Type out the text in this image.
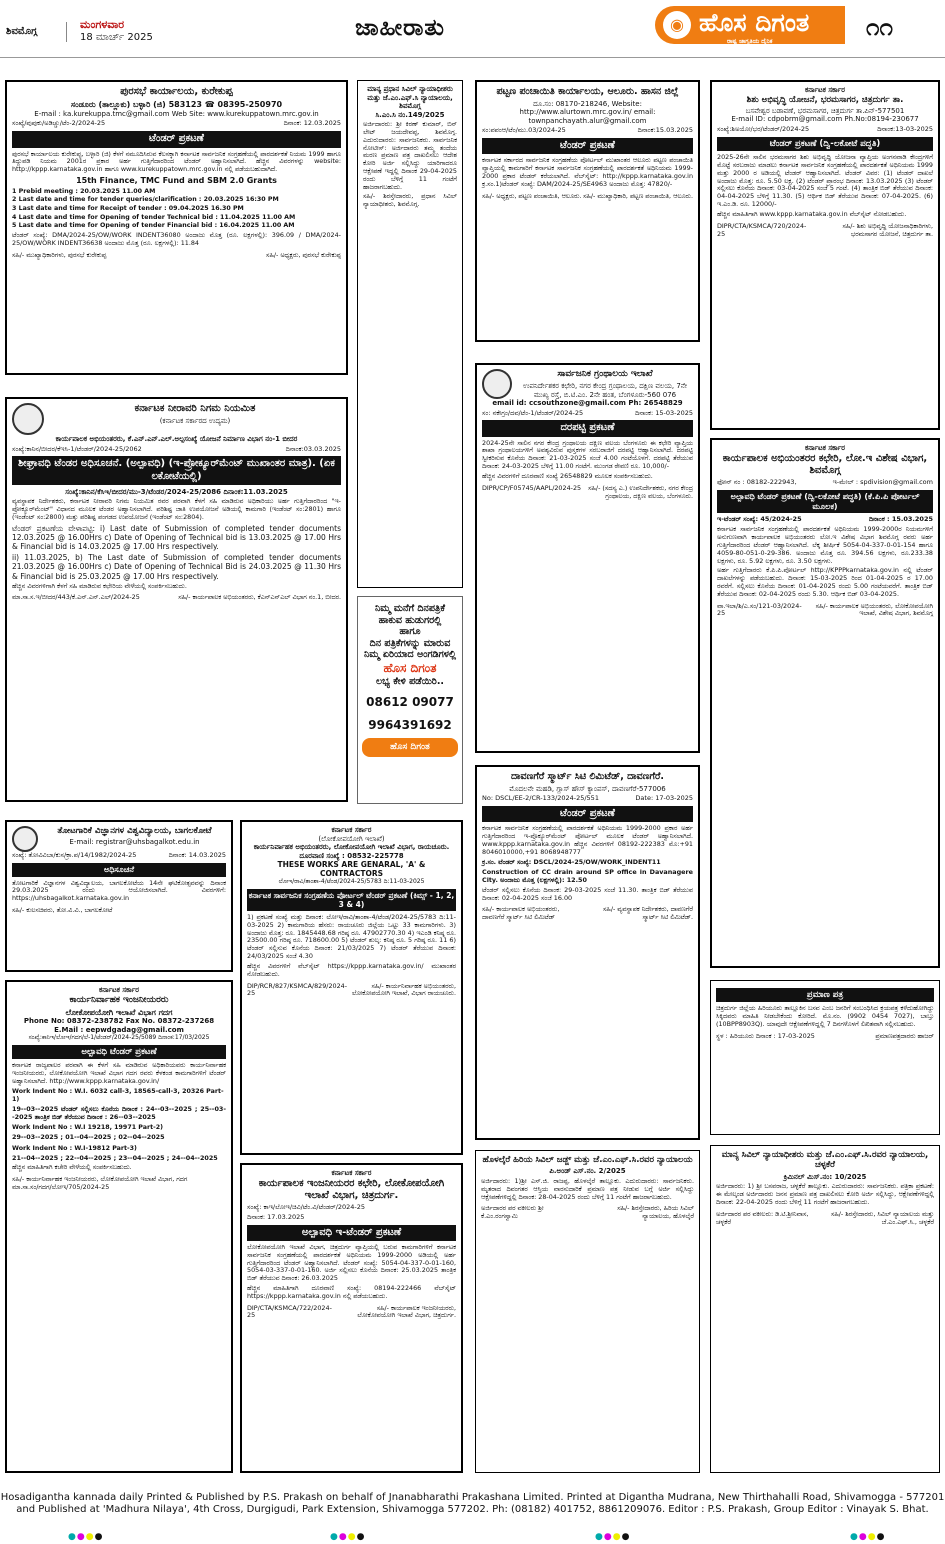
ಶಿವಮೊಗ್ಗ
ಮಂಗಳವಾರ
18 ಮಾರ್ಚ್ 2025	ಜಾಹೀರಾತು	◉ ಹೊಸ ದಿಗಂತ
ರಾಷ್ಟ್ರ ಜಾಗೃತಿಯ ದೈನಿಕ
೧೧
ಪುರಸಭೆ ಕಾರ್ಯಾಲಯ, ಕುರೇಕುಪ್ಪ
ಸಂಡೂರು (ತಾಲ್ಲೂಕು) ಬಳ್ಳಾರಿ (ಜಿ) 583123 ☎ 08395-250970
E-mail : ka.kurekuppa.tmc@gmail.com Web Site: www.kurekuppatown.mrc.gov.in
ಸಂಖ್ಯೆ/ಪುಪುಕು/ಅಡಿಚ್ಚು/ಟೆಂ-2/2024-25	ದಿನಾಂಕ: 12.03.2025
ಟೆಂಡರ್ ಪ್ರಕಟಣೆ
ಪುರಸಭೆ ಕಾರ್ಯಾಲಯ ಕುರೇಕುಪ್ಪ, ಬಳ್ಳಾರಿ (ಜಿ) ಕೆಳಗೆ ನಮೂದಿಸಿರುವ ಕೆಲಸಕ್ಕಾಗಿ ಕರ್ನಾಟಕ ಸಾರ್ವಜನಿಕ ಸಂಗ್ರಹಣೆಯಲ್ಲಿ ಪಾರದರ್ಶಕತೆ ನಿಯಮ 1999 ಹಾಗೂ ತಿದ್ದುಪಡಿ ನಿಯಮ 2001ರ ಪ್ರಕಾರ ಅರ್ಹ ಗುತ್ತಿಗೆದಾರರಿಂದ ಟೆಂಡರ್ ಅಹ್ವಾನಿಸಲಾಗಿದೆ. ಹೆಚ್ಚಿನ ವಿವರಗಳನ್ನು website: http://kppp.karnataka.gov.in ಹಾಗೂ www.kurekuppatown.mrc.gov.in ನಲ್ಲಿ ಪಡೆಯಬಹುದಾಗಿದೆ.
15th Finance, TMC Fund and SBM 2.0 Grants
1 Prebid meeting : 20.03.2025 11.00 AM
2 Last date and time for tender queries/clarification : 20.03.2025 16:30 PM
3 Last date and time for Receipt of tender : 09.04.2025 16.30 PM
4 Last date and time for Opening of tender Technical bid : 11.04.2025 11.00 AM
5 Last date and time for Opening of tender Financial bid : 16.04.2025 11.00 AM
ಟೆಂಡರ್ ಸಂಖ್ಯೆ: DMA/2024-25/OW/WORK INDENT36080 ಅಂದಾಜು ಮೊತ್ತ (ರೂ. ಲಕ್ಷಗಳಲ್ಲಿ): 396.09 / DMA/2024-25/OW/WORK INDENT36638 ಅಂದಾಜು ಮೊತ್ತ (ರೂ. ಲಕ್ಷಗಳಲ್ಲಿ): 11.84
ಸಹಿ/- ಮುಖ್ಯಾಧಿಕಾರಿಗಳು, ಪುರಸಭೆ ಕುರೇಕುಪ್ಪ	ಸಹಿ/- ಅಧ್ಯಕ್ಷರು, ಪುರಸಭೆ ಕುರೇಕುಪ್ಪ
ಕರ್ನಾಟಕ ನೀರಾವರಿ ನಿಗಮ ನಿಯಮಿತ
(ಕರ್ನಾಟಕ ಸರ್ಕಾರದ ಉದ್ಯಮ)
ಕಾರ್ಯಪಾಲಕ ಅಭಿಯಂತರರು, ಕೆ.ಎನ್.ಎನ್.ಎಲ್.ಅಲ್ಪಸಂಖ್ಯೆ ಯೋಜನೆ ನಿರ್ಮಾಣ ವಿಭಾಗ ನಂ-1 ಬೀದರ
ಸಂಖ್ಯೆ:ಕಾನಿನ/ಬೀದರ/ಕೆಇಸಿ-1/ಟೆಂಡರ್/2024-25/2062	ದಿನಾಂಕ:03.03.2025
ಶೀಘ್ರಾವಧಿ ಟೆಂಡರ ಅಧಿಸೂಚನೆ. (ಅಲ್ಪಾವಧಿ) (ಇ-ಪ್ರೋಕ್ಯೂರ್‌ಮೆಂಟ್ ಮುಖಾಂತರ ಮಾತ್ರ). (ಏಕ ಲಕೋಟೆಯಲ್ಲಿ)
ಸಂಖ್ಯೆ:ಕಾನಿನ/ಕೆಸಿಇ/ಬೀದರ/ಮು-3/ಟೆಂಡರ/2024-25/2086 ದಿನಾಂಕ:11.03.2025
ವ್ಯವಸ್ಥಾಪಕ ನಿರ್ದೇಶಕರು, ಕರ್ನಾಟಕ ನೀರಾವರಿ ನಿಗಮ ನಿಯಮಿತ ರವರ ಪರವಾಗಿ ಕೆಳಗೆ ಸಹಿ ಮಾಡಿರುವ ಅಧಿಕಾರಿಯು ಅರ್ಹ ಗುತ್ತಿಗೆದಾರರಿಂದ "ಇ-ಪ್ರೋಕ್ಯೂರ್‌ಮೆಂಟ್" ವಿಧಾನದ ಮೂಲಕ ಟೆಂಡರ ಅಹ್ವಾನಿಸಲಾಗಿದೆ. ಪರಿಶಿಷ್ಟ ಜಾತಿ ಉಪಯೋಜನೆ ಅಡಿಯಲ್ಲಿ ಕಾಮಗಾರಿ (ಇಂಡೆಂಟ್ ಸಂ:2801) ಹಾಗೂ (ಇಂಡೆಂಟ್ ಸಂ:2800) ಮತ್ತು ಪರಿಶಿಷ್ಟ ಪಂಗಡದ ಉಪಯೋಜನೆ (ಇಂಡೆಂಟ್ ಸಂ:2804).
ಟೆಂಡರ್ ಪ್ರಕಟಣೆಯ ವೇಳಾಪಟ್ಟಿ: i) Last date of Submission of completed tender documents 12.03.2025 @ 16.00Hrs c) Date of Opening of Technical bid is 13.03.2025 @ 17.00 Hrs & Financial bid is 14.03.2025 @ 17.00 Hrs respectively.
ii) 11.03.2025, b) The Last date of Submission of completed tender documents 21.03.2025 @ 16.00Hrs c) Date of Opening of Technical Bid is 24.03.2025 @ 11.30 Hrs & Financial bid is 25.03.2025 @ 17.00 Hrs respectively.
ಹೆಚ್ಚಿನ ವಿವರಗಳಿಗಾಗಿ ಕೆಳಗೆ ಸಹಿ ಮಾಡಿರುವ ಕಛೇರಿಯ ವೇಳೆಯಲ್ಲಿ ಸಂಪರ್ಕಿಸಬಹುದು.
ಮಾ.ಸಾ.ಸ.ಇ/ಬೀದರ/443/ಕೆ.ಎನ್.ಎನ್.ಎಲ್/2024-25	ಸಹಿ/- ಕಾರ್ಯಪಾಲಕ ಅಭಿಯಂತರರು, ಕೆಎನ್‌ಎನ್‌ಎಲ್‌ ವಿಭಾಗ ನಂ.1, ಬೀದರ.
ತೋಟಗಾರಿಕೆ ವಿಜ್ಞಾನಗಳ ವಿಶ್ವವಿದ್ಯಾಲಯ, ಬಾಗಲಕೋಟೆ
E-mail: registrar@uhsbagalkot.edu.in
ಸಂಖ್ಯೆ: ತೋವಿವಿಬಾ/ಕುಸ/ಕ್ರಾ.ಪ/14/1982/2024-25	ದಿನಾಂಕ: 14.03.2025
ಅಧಿಸೂಚನೆ
ತೋಟಗಾರಿಕೆ ವಿಜ್ಞಾನಗಳ ವಿಶ್ವವಿದ್ಯಾಲಯ, ಬಾಗಲಕೋಟೆಯ 14ನೇ ಘಟಿಕೋತ್ಸವವನ್ನು ದಿನಾಂಕ 29.03.2025 ರಂದು ಆಯೋಜಿಸಲಾಗಿದೆ. ವಿವರಗಳಿಗೆ: https://uhsbagalkot.karnataka.gov.in
ಸಹಿ/- ಕುಲಸಚಿವರು, ತೋ.ವಿ.ವಿ., ಬಾಗಲಕೋಟೆ
ಕರ್ನಾಟಕ ಸರ್ಕಾರ
ಕಾರ್ಯನಿರ್ವಾಹಕ ಇಂಜನೀಯರರು
ಲೋಕೋಪಯೋಗಿ ಇಲಾಖೆ ವಿಭಾಗ ಗದಗ
Phone No: 08372-238782 Fax No. 08372-237268
E.Mail : eepwdgadag@gmail.com
ಸಂಖ್ಯೆ:ಕಾನಿಇ/ಲೋಇ/ಗದಗ/ಲೆ-1/ಟೆಂಡರ್/2024-25/5089 ದಿನಾಂಕ:17/03/2025
ಅಲ್ಪಾವಧಿ ಟೆಂಡರ್ ಪ್ರಕಟಣೆ
ಕರ್ನಾಟಕ ರಾಜ್ಯಪಾಲರ ಪರವಾಗಿ ಈ ಕೆಳಗೆ ಸಹಿ ಮಾಡಿರುವ ಅಧಿಕಾರಿಯವರು ಕಾರ್ಯನಿರ್ವಾಹಕ ಇಂಜನೀಯರರು, ಲೋಕೋಪಯೋಗಿ ಇಲಾಖೆ ವಿಭಾಗ ಗದಗ ರವರು ಕೆಳಕಂಡ ಕಾಮಗಾರಿಗಳಿಗೆ ಟೆಂಡರ್ ಅಹ್ವಾನಿಸಲಾಗಿದೆ. http://www.kppp.karnataka.gov.in/
Work Indent No : W.I. 6032 call-3, 18565-call-3, 20326 Part-1)
19--03--2025 ಟೆಂಡರ್ ಸಲ್ಲಿಸಲು ಕೊನೆಯ ದಿನಾಂಕ : 24--03--2025 ; 25--03--2025 ತಾಂತ್ರಿಕ ಬಿಡ್ ತೆರೆಯುವ ದಿನಾಂಕ : 26--03--2025
Work Indent No : W.I 19218, 19971 Part-2)
29--03--2025 ; 01--04--2025 ; 02--04--2025
Work Indent No : W.I-19812 Part-3)
21--04--2025 ; 22--04--2025 ; 23--04--2025 ; 24--04--2025
ಹೆಚ್ಚಿನ ಮಾಹಿತಿಗಾಗಿ ಕಚೇರಿ ವೇಳೆಯಲ್ಲಿ ಸಂಪರ್ಕಿಸಬಹುದು.
ಸಹಿ/- ಕಾರ್ಯನಿರ್ವಾಹಕ ಇಂಜನೀಯರರು, ಲೋಕೋಪಯೋಗಿ ಇಲಾಖೆ ವಿಭಾಗ, ಗದಗ
ಮಾ.ಸಾ.ಸಂ/ಗದಗ/ಲೋಇ/705/2024-25
ಕರ್ನಾಟಕ ಸರ್ಕಾರ
(ಲೋಕೋಪಯೋಗಿ ಇಲಾಖೆ)
ಕಾರ್ಯನಿರ್ವಾಹಕ ಅಭಿಯಂತರರು, ಲೋಕೋಪಯೋಗಿ ಇಲಾಖೆ ವಿಭಾಗ, ರಾಯಚೂರು.
ದೂರವಾಣಿ ಸಂಖ್ಯೆ : 08532-225778
THESE WORKS ARE GENARAL, 'A' & CONTRACTORS
ಲೋಇ/ರಾವಿ/ತಾಂಶಾ-4/ಟೆಂಡ/2024-25/5783 ದಿ:11-03-2025
ಕರ್ನಾಟಕ ಸಾರ್ವಜನಿಕ ಸಂಗ್ರಹಣೆಯ ಪೋರ್ಟಲ್ ಟೆಂಡರ್ ಪ್ರಕಟಣೆ (ಕಿಮ್ಸ್ - 1, 2, 3 & 4)
1) ಪ್ರಕಟಣೆ ಸಂಖ್ಯೆ ಮತ್ತು ದಿನಾಂಕ: ಲೋಇ/ರಾವಿ/ತಾಂಶಾ-4/ಟೆಂಡ/2024-25/5783 ದಿ:11-03-2025 2) ಕಾಮಗಾರಿಯ ಹೆಸರು: ರಾಯಚೂರು ಜಿಲ್ಲೆಯ ಒಟ್ಟು 33 ಕಾಮಗಾರಿಗಳು. 3) ಅಂದಾಜು ಮೊತ್ತ: ರೂ. 1845448.68 ಗರಿಷ್ಠ ರೂ. 47902770.30 4) ಇಎಂಡಿ ಕನಿಷ್ಠ ರೂ. 23500.00 ಗರಿಷ್ಠ ರೂ. 718600.00 5) ಟೆಂಡರ್ ಶುಲ್ಕ: ಕನಿಷ್ಠ ರೂ. 5 ಗರಿಷ್ಠ ರೂ. 11 6) ಟೆಂಡರ್ ಸಲ್ಲಿಸುವ ಕೊನೆಯ ದಿನಾಂಕ: 21/03/2025 7) ಟೆಂಡರ್ ತೆರೆಯುವ ದಿನಾಂಕ: 24/03/2025 ಸಂಜೆ 4.30
ಹೆಚ್ಚಿನ ವಿವರಗಳಿಗೆ ವೆಬ್‌ಸೈಟ್ https://kppp.karnataka.gov.in/ ಮುಖಾಂತರ ನೋಡಬಹುದು.
DIP/RCR/827/KSMCA/829/2024-25
ಸಹಿ/- ಕಾರ್ಯನಿರ್ವಾಹಕ ಅಭಿಯಂತರರು, ಲೋಕೋಪಯೋಗಿ ಇಲಾಖೆ, ವಿಭಾಗ ರಾಯಚೂರು.
ಕರ್ನಾಟಕ ಸರ್ಕಾರ
ಕಾರ್ಯಪಾಲಕ ಇಂಜನೀಯರರ ಕಛೇರಿ, ಲೋಕೋಪಯೋಗಿ ಇಲಾಖೆ ವಿಭಾಗ, ಚಿತ್ರದುರ್ಗ.
ಸಂಖ್ಯೆ: ಕಾಇ/ಲೋಇ/ಚಿವಿ/ಟೆಂ.ವಿ/ಟೆಂಡರ್/2024-25
ದಿನಾಂಕ: 17.03.2025
ಅಲ್ಪಾವಧಿ ಇ-ಟೆಂಡರ್ ಪ್ರಕಟಣೆ
ಲೋಕೋಪಯೋಗಿ ಇಲಾಖೆ ವಿಭಾಗ, ಚಿತ್ರದುರ್ಗ ವ್ಯಾಪ್ತಿಯಲ್ಲಿ ಬರುವ ಕಾಮಗಾರಿಗಳಿಗೆ ಕರ್ನಾಟಕ ಸಾರ್ವಜನಿಕ ಸಂಗ್ರಹಣೆಯಲ್ಲಿ ಪಾರದರ್ಶಕತೆ ಅಧಿನಿಯಮ 1999-2000 ಅಡಿಯಲ್ಲಿ ಅರ್ಹ ಗುತ್ತಿಗೆದಾರರಿಂದ ಟೆಂಡರ್ ಅಹ್ವಾನಿಸಲಾಗಿದೆ. ಟೆಂಡರ್ ಸಂಖ್ಯೆ: 5054-04-337-0-01-160, 5054-03-337-0-01-160. ಅರ್ಜಿ ಸಲ್ಲಿಸಲು ಕೊನೆಯ ದಿನಾಂಕ: 25.03.2025 ತಾಂತ್ರಿಕ ಬಿಡ್ ತೆರೆಯುವ ದಿನಾಂಕ: 26.03.2025
ಹೆಚ್ಚಿನ ಮಾಹಿತಿಗಾಗಿ ದೂರವಾಣಿ ಸಂಖ್ಯೆ: 08194-222466 ವೆಬ್‌ಸೈಟ್ https://kppp.karnataka.gov.in ನಲ್ಲಿ ಪಡೆಯಬಹುದು.
DIP/CTA/KSMCA/722/2024-25
ಸಹಿ/- ಕಾರ್ಯಪಾಲಕ ಇಂಜನೀಯರರು, ಲೋಕೋಪಯೋಗಿ ಇಲಾಖೆ ವಿಭಾಗ, ಚಿತ್ರದುರ್ಗ.
ಮಾನ್ಯ ಪ್ರಧಾನ ಸಿವಿಲ್ ನ್ಯಾಯಾಧೀಶರು ಮತ್ತು ಜೆ.ಎಂ.ಎಫ್.ಸಿ ನ್ಯಾಯಾಲಯ, ಶಿವಮೊಗ್ಗ
ಸಿ.ಎಂ.ಸಿ ನಂ.149/2025
ಅರ್ಜಿದಾರರು: ಶ್ರೀ ಕಿರಣ್ ಕುಮಾರ್, ಬಿನ್ ಲೇಟ್ ಜಯದೇವಪ್ಪ, ಶಿವಮೊಗ್ಗ. ಎದುರುದಾರರು: ಸಾರ್ವಜನಿಕರು. ಸಾರ್ವಜನಿಕ ನೋಟೀಸ್: ಅರ್ಜಿದಾರರು ತಮ್ಮ ತಂದೆಯ ಮರಣ ಪ್ರಮಾಣ ಪತ್ರ ದಾಖಲಿಸಲು ಆದೇಶ ಕೋರಿ ಅರ್ಜಿ ಸಲ್ಲಿಸಿದ್ದು ಯಾರಿಗಾದರೂ ಆಕ್ಷೇಪಣೆ ಇದ್ದಲ್ಲಿ ದಿನಾಂಕ 29-04-2025 ರಂದು ಬೆಳಿಗ್ಗೆ 11 ಗಂಟೆಗೆ ಹಾಜರಾಗಬಹುದು.
ಸಹಿ/- ಶಿರಸ್ತೇದಾರರು, ಪ್ರಧಾನ ಸಿವಿಲ್ ನ್ಯಾಯಾಧೀಶರು, ಶಿವಮೊಗ್ಗ.
ನಿಮ್ಮ ಮನೆಗೆ ದಿನಪತ್ರಿಕೆ ಹಾಕುವ ಹುಡುಗರಲ್ಲಿ
ಹಾಗೂ
ದಿನ ಪತ್ರಿಕೆಗಳನ್ನು ಮಾರುವ ನಿಮ್ಮ ಏರಿಯಾದ ಅಂಗಡಿಗಳಲ್ಲಿ
ಹೊಸ ದಿಗಂತ
ಲಭ್ಯ ಕೇಳಿ ಪಡೆಯಿರಿ..
08612 09077
9964391692
ಹೊಸ ದಿಗಂತ
ಪಟ್ಟಣ ಪಂಚಾಯಿತಿ ಕಾರ್ಯಾಲಯ, ಆಲೂರು. ಹಾಸನ ಜಿಲ್ಲೆ
ದೂ.ಸಂ: 08170-218246, Website: http://www.alurtown.mrc.gov.in/ email: townpanchayath.alur@gmail.com
ಸಂ:ಪಪಂಆ/ಟೆಂ/ಮು.03/2024-25	ದಿನಾಂಕ:15.03.2025
ಟೆಂಡರ್ ಪ್ರಕಟಣೆ
ಕರ್ನಾಟಕ ಸರ್ಕಾರದ ಸಾರ್ವಜನಿಕ ಸಂಗ್ರಹಣೆಯ ಪೋರ್ಟಲ್ ಮುಖಾಂತರ ಆಲೂರು ಪಟ್ಟಣ ಪಂಚಾಯಿತಿ ವ್ಯಾಪ್ತಿಯಲ್ಲಿ ಕಾಮಗಾರಿಗೆ ಕರ್ನಾಟಕ ಸಾರ್ವಜನಿಕ ಸಂಗ್ರಹಣೆಯಲ್ಲಿ ಪಾರದರ್ಶಕತೆ ಅಧಿನಿಯಮ 1999-2000 ಪ್ರಕಾರ ಟೆಂಡರ್ ಕರೆಯಲಾಗಿದೆ. ವೆಬ್‌ಸೈಟ್: http://kppp.karnataka.gov.in ಕ್ರ.ಸಂ.1)ಟೆಂಡರ್ ಸಂಖ್ಯೆ: DAM/2024-25/SE4963 ಅಂದಾಜು ಮೊತ್ತ: 47820/-
ಸಹಿ/- ಅಧ್ಯಕ್ಷರು, ಪಟ್ಟಣ ಪಂಚಾಯಿತಿ, ಆಲೂರು. ಸಹಿ/- ಮುಖ್ಯಾಧಿಕಾರಿ, ಪಟ್ಟಣ ಪಂಚಾಯಿತಿ, ಆಲೂರು.
ಸಾರ್ವಜನಿಕ ಗ್ರಂಥಾಲಯ ಇಲಾಖೆ
ಉಪನಿರ್ದೇಶಕರ ಕಛೇರಿ, ನಗರ ಕೇಂದ್ರ ಗ್ರಂಥಾಲಯ, ದಕ್ಷಿಣ ವಲಯ, 7ನೇ ಮುಖ್ಯ ರಸ್ತೆ, ಬಿ.ಟಿ.ಎಂ. 2ನೇ ಹಂತ, ಬೆಂಗಳೂರು-560 076
email id: ccsouthzone@gmail.com Ph: 26548829
ಸಂ: ನಕೇಗ್ರಂ/ದವ/ಟೆಂ-1/ಟೆಂಡರ್/2024-25	ದಿನಾಂಕ: 15-03-2025
ದರಪಟ್ಟಿ ಪ್ರಕಟಣೆ
2024-25ನೇ ಸಾಲಿನ ನಗರ ಕೇಂದ್ರ ಗ್ರಂಥಾಲಯ ದಕ್ಷಿಣ ವಲಯ ಬೆಂಗಳೂರು ಈ ಕಛೇರಿ ವ್ಯಾಪ್ತಿಯ ಶಾಖಾ ಗ್ರಂಥಾಲಯಗಳಿಗೆ ಅವಶ್ಯವಿರುವ ಪುಸ್ತಕಗಳ ಸರಬರಾಜಿಗೆ ದರಪಟ್ಟಿ ಆಹ್ವಾನಿಸಲಾಗಿದೆ. ದರಪಟ್ಟಿ ಸ್ವೀಕರಿಸುವ ಕೊನೆಯ ದಿನಾಂಕ: 21-03-2025 ಸಂಜೆ 4.00 ಗಂಟೆಯೊಳಗೆ. ದರಪಟ್ಟಿ ತೆರೆಯುವ ದಿನಾಂಕ: 24-03-2025 ಬೆಳಿಗ್ಗೆ 11.00 ಗಂಟೆಗೆ. ಮುಂಗಡ ಠೇವಣಿ ರೂ. 10,000/-
ಹೆಚ್ಚಿನ ವಿವರಗಳಿಗೆ ದೂರವಾಣಿ ಸಂಖ್ಯೆ 26548829 ಮೂಲಕ ಸಂಪರ್ಕಿಸಬಹುದು.
DIPR/CP/F05745/AAPL/2024-25 ಸಹಿ/- (ಸದಸ್ಯ ಎ.) ಉಪನಿರ್ದೇಶಕರು, ನಗರ ಕೇಂದ್ರ ಗ್ರಂಥಾಲಯ, ದಕ್ಷಿಣ ವಲಯ, ಬೆಂಗಳೂರು.
ದಾವಣಗೆರೆ ಸ್ಮಾರ್ಟ್ ಸಿಟಿ ಲಿಮಿಟೆಡ್, ದಾವಣಗೆರೆ.
ಮೊದಲನೇ ಮಹಡಿ, ಗ್ಲಾಸ್ ಹೌಸ್ ಕ್ಯಾಂಪಸ್, ದಾವಣಗೆರೆ-577006
No: DSCL/EE-2/CR-133/2024-25/551	Date: 17-03-2025
ಟೆಂಡರ್ ಪ್ರಕಟಣೆ
ಕರ್ನಾಟಕ ಸಾರ್ವಜನಿಕ ಸಂಗ್ರಹಣೆಯಲ್ಲಿ ಪಾರದರ್ಶಕತೆ ಅಧಿನಿಯಮ 1999-2000 ಪ್ರಕಾರ ಅರ್ಹ ಗುತ್ತಿಗೆದಾರರಿಂದ ಇ-ಪ್ರೊಕ್ಯೂರ್‌ಮೆಂಟ್ ಪೋರ್ಟಲ್ ಮೂಲಕ ಟೆಂಡರ್ ಅಹ್ವಾನಿಸಲಾಗಿದೆ. www.kppp.karnataka.gov.in ಹೆಚ್ಚಿನ ವಿವರಗಳಿಗೆ 08192-222383 ಮೊ:+91 8046010000,+91 8068948777
ಕ್ರ.ಸಂ. ಟೆಂಡರ್ ಸಂಖ್ಯೆ: DSCL/2024-25/OW/WORK_INDENT11
Construction of CC drain around SP office in Davanagere City. ಅಂದಾಜು ಮೊತ್ತ (ಲಕ್ಷಗಳಲ್ಲಿ): 12.50
ಟೆಂಡರ್ ಸಲ್ಲಿಸಲು ಕೊನೆಯ ದಿನಾಂಕ: 29-03-2025 ಸಂಜೆ 11.30. ತಾಂತ್ರಿಕ ಬಿಡ್ ತೆರೆಯುವ ದಿನಾಂಕ: 02-04-2025 ಸಂಜೆ 16.00
ಸಹಿ/- ಕಾರ್ಯಪಾಲಕ ಅಭಿಯಂತರರು, ದಾವಣಗೆರೆ ಸ್ಮಾರ್ಟ್ ಸಿಟಿ ಲಿಮಿಟೆಡ್
ಸಹಿ/- ವ್ಯವಸ್ಥಾಪಕ ನಿರ್ದೇಶಕರು, ದಾವಣಗೆರೆ ಸ್ಮಾರ್ಟ್ ಸಿಟಿ ಲಿಮಿಟೆಡ್.
ಹೊಳಲ್ಕೆರೆ ಹಿರಿಯ ಸಿವಿಲ್ ಜಡ್ಜ್ ಮತ್ತು ಜೆ.ಎಂ.ಎಫ್.ಸಿ.ರವರ ನ್ಯಾಯಾಲಯ
ಪಿ.ಅಂಡ್ ಎಸ್.ನಂ. 2/2025
ಅರ್ಜಿದಾರರು: 1)ಶ್ರೀ ಎಸ್.ಜಿ. ರಾಜಪ್ಪ, ಹೊಳಲ್ಕೆರೆ ತಾಲ್ಲೂಕು. ಎದುರುದಾರರು: ಸಾರ್ವಜನಿಕರು. ಮೃತರಾದ ದಿವಂಗತರ ಆಸ್ತಿಯ ವಾರಸುದಾರಿಕೆ ಪ್ರಮಾಣ ಪತ್ರ ನೀಡುವ ಬಗ್ಗೆ ಅರ್ಜಿ ಸಲ್ಲಿಸಿದ್ದು ಆಕ್ಷೇಪಣೆಗಳಿದ್ದಲ್ಲಿ ದಿನಾಂಕ: 28-04-2025 ರಂದು ಬೆಳಿಗ್ಗೆ 11 ಗಂಟೆಗೆ ಹಾಜರಾಗಬಹುದು.
ಅರ್ಜಿದಾರರ ಪರ ವಕೀಲರು ಶ್ರೀ ಕೆ.ಎಂ.ರಂಗಸ್ವಾಮಿ
ಸಹಿ/- ಶಿರಸ್ತೇದಾರರು, ಹಿರಿಯ ಸಿವಿಲ್ ನ್ಯಾಯಾಲಯ, ಹೊಳಲ್ಕೆರೆ
ಕರ್ನಾಟಕ ಸರ್ಕಾರ
ಶಿಶು ಅಭಿವೃದ್ಧಿ ಯೋಜನೆ, ಭರಮಸಾಗರ, ಚಿತ್ರದುರ್ಗ ತಾ.
ಬಸವೇಶ್ವರ ಬಡಾವಣೆ, ಭರಮಸಾಗರ, ಚಿತ್ರದುರ್ಗ ತಾ.ಪಿನ್-577501
E-mail ID: cdpobrm@gmail.com Ph.No:08194-230677
ಸಂಖ್ಯೆ:ಶಿಅಯೋ/ಭರ/ಟೆಂಡರ್/2024-25	ದಿನಾಂಕ:13-03-2025
ಟೆಂಡರ್ ಪ್ರಕಟಣೆ (ದ್ವಿ-ಲಕೋಟೆ ಪದ್ಧತಿ)
2025-26ನೇ ಸಾಲಿನ ಭರಮಸಾಗರ ಶಿಶು ಅಭಿವೃದ್ಧಿ ಯೋಜನಾ ವ್ಯಾಪ್ತಿಯ ಅಂಗನವಾಡಿ ಕೇಂದ್ರಗಳಿಗೆ ಮೊಟ್ಟೆ ಸರಬರಾಜು ಮಾಡಲು ಕರ್ನಾಟಕ ಸಾರ್ವಜನಿಕ ಸಂಗ್ರಹಣೆಯಲ್ಲಿ ಪಾರದರ್ಶಕತೆ ಅಧಿನಿಯಮ 1999 ಮತ್ತು 2000 ರ ಅಡಿಯಲ್ಲಿ ಟೆಂಡರ್ ಆಹ್ವಾನಿಸಲಾಗಿದೆ. ಟೆಂಡರ್ ವಿವರ: (1) ಟೆಂಡರ್ ದಾಖಲೆ ಅಂದಾಜು ಮೊತ್ತ: ರೂ. 5.50 ಲಕ್ಷ. (2) ಟೆಂಡರ್ ಪ್ರಾರಂಭ ದಿನಾಂಕ: 13.03.2025 (3) ಟೆಂಡರ್ ಸಲ್ಲಿಸಲು ಕೊನೆಯ ದಿನಾಂಕ: 03-04-2025 ಸಂಜೆ 5 ಗಂಟೆ. (4) ತಾಂತ್ರಿಕ ಬಿಡ್ ತೆರೆಯುವ ದಿನಾಂಕ: 04-04-2025 ಬೆಳಿಗ್ಗೆ 11.30. (5) ಆರ್ಥಿಕ ಬಿಡ್ ತೆರೆಯುವ ದಿನಾಂಕ: 07-04-2025. (6) ಇ.ಎಂ.ಡಿ. ರೂ. 12000/-
ಹೆಚ್ಚಿನ ಮಾಹಿತಿಗಾಗಿ www.kppp.karnataka.gov.in ವೆಬ್‌ಸೈಟ್ ನೋಡಬಹುದು.
DIPR/CTA/KSMCA/720/2024-25
ಸಹಿ/- ಶಿಶು ಅಭಿವೃದ್ಧಿ ಯೋಜನಾಧಿಕಾರಿಗಳು, ಭರಮಸಾಗರ ಯೋಜನೆ, ಚಿತ್ರದುರ್ಗ ತಾ.
ಕರ್ನಾಟಕ ಸರ್ಕಾರ
ಕಾರ್ಯಪಾಲಕ ಅಭಿಯಂತರರ ಕಛೇರಿ, ಲೋ.ಇ ವಿಶೇಷ ವಿಭಾಗ, ಶಿವಮೊಗ್ಗ
ಫೋನ್ ನಂ : 08182-222943,	ಇ-ಮೇಲ್ : spdivision@gmail.com
ಅಲ್ಪಾವಧಿ ಟೆಂಡರ್ ಪ್ರಕಟಣೆ (ದ್ವಿ-ಲಕೋಟೆ ಪದ್ಧತಿ) (ಕೆ.ಪಿ.ಪಿ ಪೋರ್ಟಲ್ ಮೂಲಕ)
ಇ-ಟೆಂಡರ್ ಸಂಖ್ಯೆ: 45/2024-25	ದಿನಾಂಕ : 15.03.2025
ಕರ್ನಾಟಕ ಸಾರ್ವಜನಿಕ ಸಂಗ್ರಹಣೆಯಲ್ಲಿ ಪಾರದರ್ಶಕತೆ ಅಧಿನಿಯಮ 1999-2000ರ ನಿಯಮಗಳಿಗೆ ಅನುಗುಣವಾಗಿ ಕಾರ್ಯಪಾಲಕ ಅಭಿಯಂತರರು ಲೋ.ಇ ವಿಶೇಷ ವಿಭಾಗ ಶಿವಮೊಗ್ಗ ರವರು ಅರ್ಹ ಗುತ್ತಿಗೆದಾರರಿಂದ ಟೆಂಡರ್ ಆಹ್ವಾನಿಸಲಾಗಿದೆ. ಲೆಕ್ಕ ಶೀರ್ಷಿಕೆ 5054-04-337-0-01-154 ಹಾಗೂ 4059-80-051-0-29-386. ಅಂದಾಜು ಮೊತ್ತ ರೂ. 394.56 ಲಕ್ಷಗಳು, ರೂ.233.38 ಲಕ್ಷಗಳು, ರೂ. 5.92 ಲಕ್ಷಗಳು, ರೂ. 3.50 ಲಕ್ಷಗಳು.
ಅರ್ಹ ಗುತ್ತಿಗೆದಾರರು ಕೆ.ಪಿ.ಪಿ.ಪೋರ್ಟಲ್ http://KPPPkarnataka.gov.in ನಲ್ಲಿ ಟೆಂಡರ್ ದಾಖಲೆಗಳನ್ನು ಪಡೆಯಬಹುದು. ದಿನಾಂಕ: 15-03-2025 ರಿಂದ 01-04-2025 ರ 17.00 ರವರೆಗೆ. ಸಲ್ಲಿಸಲು ಕೊನೆಯ ದಿನಾಂಕ: 01-04-2025 ರಂದು 5.00 ಗಂಟೆಯವರೆಗೆ. ತಾಂತ್ರಿಕ ಬಿಡ್ ತೆರೆಯುವ ದಿನಾಂಕ: 02-04-2025 ರಂದು 5.30. ಆರ್ಥಿಕ ಬಿಡ್ 03-04-2025.
ವಾ.ಇಲಾ/ಶಿ/ಎ.ಸಂ/121-03/2024-25
ಸಹಿ/- ಕಾರ್ಯಪಾಲಕ ಅಭಿಯಂತರರು, ಲೋಕೋಪಯೋಗಿ ಇಲಾಖೆ, ವಿಶೇಷ ವಿಭಾಗ, ಶಿವಮೊಗ್ಗ
ಪ್ರಮಾಣ ಪತ್ರ
ಚಿತ್ರದುರ್ಗ ಜಿಲ್ಲೆಯ ಹಿರಿಯೂರು ತಾಲ್ಲೂಕಿನ ಬಸವ ಎಂಬ ಜನರಿಗೆ ಸಂಬಂಧಿಸಿದ ಕ್ರಯಪತ್ರ ಕಳೆದುಹೋಗಿದ್ದು ಸಿಕ್ಕಿದವರು ಮಾಹಿತಿ ನೀಡಬೇಕೆಂದು ಕೋರಿದೆ. ಮೊ.ನಂ. (9902 0454 7027), ಬಾಬ್ತು (10BPP8903Q). ಯಾವುದೇ ಆಕ್ಷೇಪಣೆಗಳಿದ್ದಲ್ಲಿ 7 ದಿನಗಳೊಳಗೆ ಲಿಖಿತವಾಗಿ ಸಲ್ಲಿಸಬಹುದು.
ಸ್ಥಳ : ಹಿರಿಯೂರು ದಿನಾಂಕ : 17-03-2025	ಪ್ರಮಾಣಪತ್ರದಾರರು ಹಾಜರ್
ಮಾನ್ಯ ಸಿವಿಲ್ ನ್ಯಾಯಾಧೀಶರು ಮತ್ತು ಜೆ.ಎಂ.ಎಫ್.ಸಿ.ರವರ ನ್ಯಾಯಾಲಯ, ಚಳ್ಳಕೆರೆ
ಕ್ರಿಮಿನಲ್ ಮಿಸ್.ನಂ: 10/2025
ಅರ್ಜಿದಾರರು: 1) ಶ್ರೀ ಬಸವರಾಜ, ಚಳ್ಳಕೆರೆ ತಾಲ್ಲೂಕು. ಎದುರುದಾರರು: ಸಾರ್ವಜನಿಕರು. ಪತ್ರಿಕಾ ಪ್ರಕಟಣೆ: ಈ ಮೇಲ್ಕಂಡ ಅರ್ಜಿದಾರರು ಜನನ ಪ್ರಮಾಣ ಪತ್ರ ದಾಖಲಿಸಲು ಕೋರಿ ಅರ್ಜಿ ಸಲ್ಲಿಸಿದ್ದು, ಆಕ್ಷೇಪಣೆಗಳಿದ್ದಲ್ಲಿ ದಿನಾಂಕ: 22-04-2025 ರಂದು ಬೆಳಿಗ್ಗೆ 11 ಗಂಟೆಗೆ ಹಾಜರಾಗಬಹುದು.
ಅರ್ಜಿದಾರರ ಪರ ವಕೀಲರು: ಡಿ.ಟಿ.ಶ್ರೀನಿವಾಸ, ಚಳ್ಳಕೆರೆ
ಸಹಿ/- ಶಿರಸ್ತೇದಾರರು, ಸಿವಿಲ್ ನ್ಯಾಯಾಲಯ ಮತ್ತು ಜೆ.ಎಂ.ಎಫ್.ಸಿ., ಚಳ್ಳಕೆರೆ
Hosadigantha kannada daily Printed & Published by P.S. Prakash on behalf of Jnanabharathi Prakashana Limited. Printed at Digantha Mudrana, New Thirthahalli Road, Shivamogga - 577201
and Published at 'Madhura Nilaya', 4th Cross, Durgigudi, Park Extension, Shivamogga 577202. Ph: (08182) 401752, 8861209076. Editor : P.S. Prakash, Group Editor : Vinayak S. Bhat.
●●●●	●●●●	●●●●	●●●●
